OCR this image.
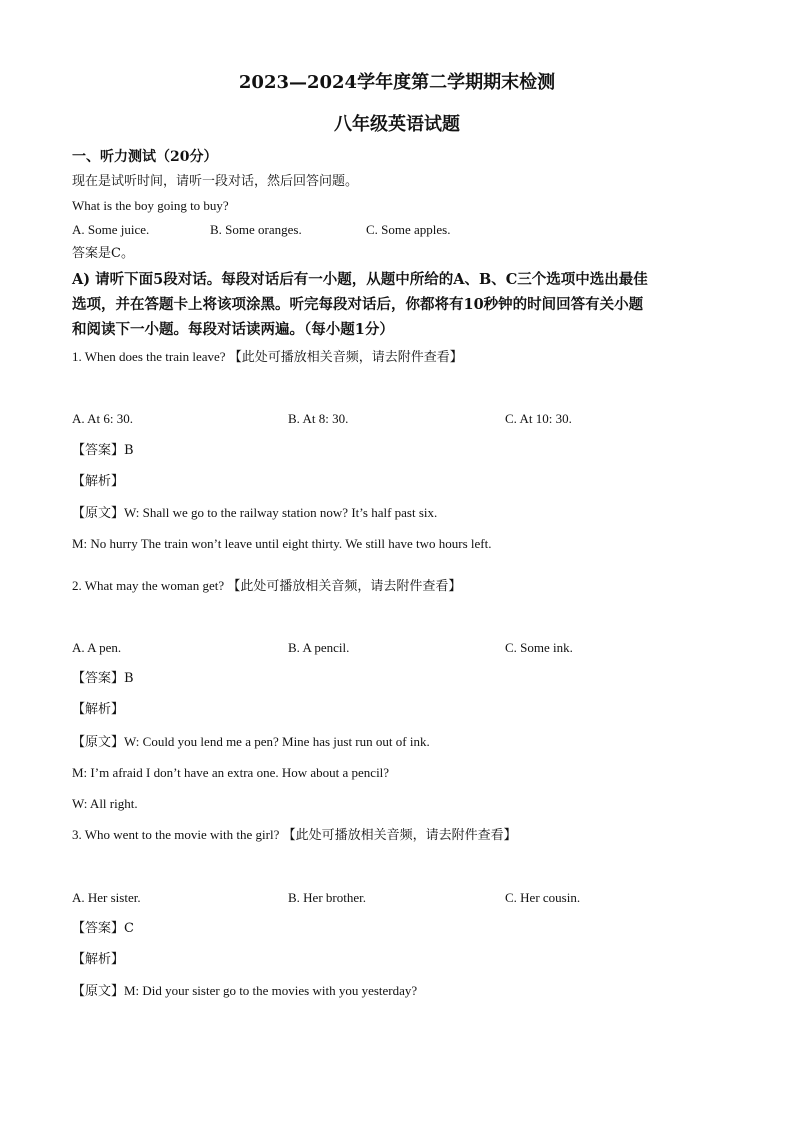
2023—2024学年度第二学期期末检测
八年级英语试题
一、听力测试（20分）
现在是试听时间，请听一段对话，然后回答问题。
What is the boy going to buy?
A. Some juice.	B. Some oranges.	C. Some apples.
答案是C。
A) 请听下面5段对话。每段对话后有一小题，从题中所给的A、B、C三个选项中选出最佳
选项，并在答题卡上将该项涂黑。听完每段对话后，你都将有10秒钟的时间回答有关小题
和阅读下一小题。每段对话读两遍。（每小题1分）
1. When does the train leave? 【此处可播放相关音频，请去附件查看】
A. At 6: 30.	B. At 8: 30.	C. At 10: 30.
【答案】B
【解析】
【原文】W: Shall we go to the railway station now? It’s half past six.
M: No hurry The train won’t leave until eight thirty. We still have two hours left.
2. What may the woman get? 【此处可播放相关音频，请去附件查看】
A. A pen.	B. A pencil.	C. Some ink.
【答案】B
【解析】
【原文】W: Could you lend me a pen? Mine has just run out of ink.
M: I’m afraid I don’t have an extra one. How about a pencil?
W: All right.
3. Who went to the movie with the girl? 【此处可播放相关音频，请去附件查看】
A. Her sister.	B. Her brother.	C. Her cousin.
【答案】C
【解析】
【原文】M: Did your sister go to the movies with you yesterday?
